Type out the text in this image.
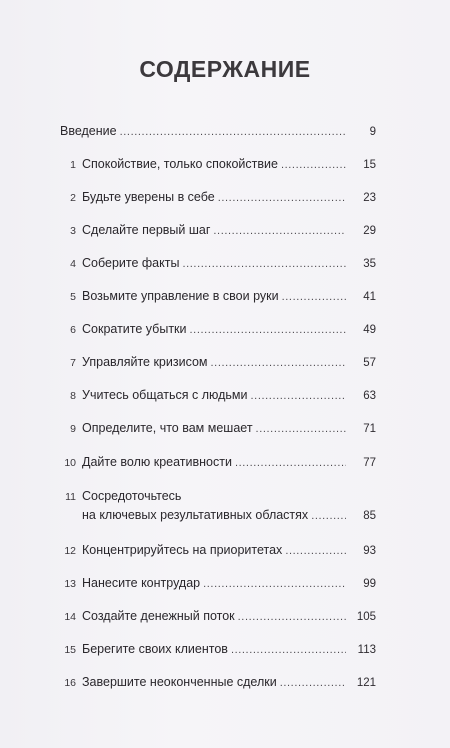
СОДЕРЖАНИЕ
Введение .....	9
1 Спокойствие, только спокойствие .....	15
2 Будьте уверены в себе .....	23
3 Сделайте первый шаг .....	29
4 Соберите факты .....	35
5 Возьмите управление в свои руки .....	41
6 Сократите убытки .....	49
7 Управляйте кризисом .....	57
8 Учитесь общаться с людьми .....	63
9 Определите, что вам мешает .....	71
10 Дайте волю креативности .....	77
11 Сосредоточьтесь
на ключевых результативных областях .....	85
12 Концентрируйтесь на приоритетах .....	93
13 Нанесите контрудар .....	99
14 Создайте денежный поток .....	105
15 Берегите своих клиентов .....	113
16 Завершите неоконченные сделки .....	121
